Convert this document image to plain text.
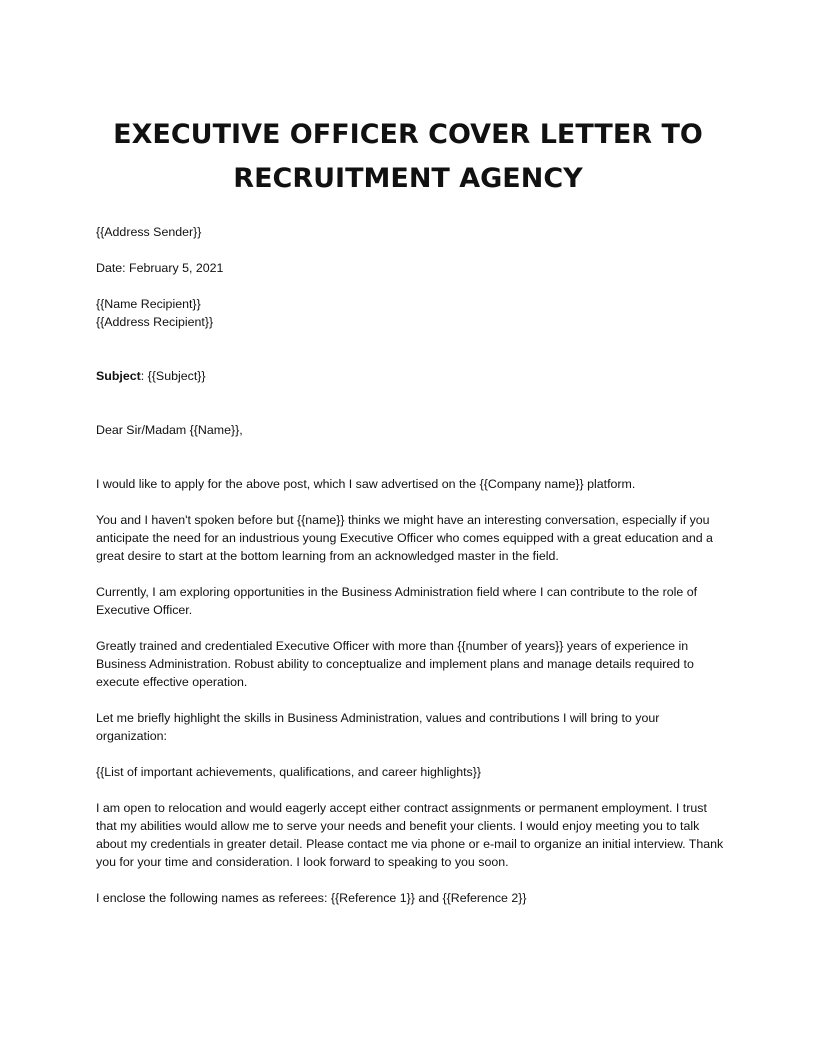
EXECUTIVE OFFICER COVER LETTER TO RECRUITMENT AGENCY

{{Address Sender}}

Date: February 5, 2021

{{Name Recipient}}

{{Address Recipient}}

Subject: {{Subject}}

Dear Sir/Madam {{Name}},

I would like to apply for the above post, which I saw advertised on the {{Company name}} platform.

You and I haven't spoken before but {{name}} thinks we might have an interesting conversation, especially if you anticipate the need for an industrious young Executive Officer who comes equipped with a great education and a great desire to start at the bottom learning from an acknowledged master in the field.

Currently, I am exploring opportunities in the Business Administration field where I can contribute to the role of Executive Officer.

Greatly trained and credentialed Executive Officer with more than {{number of years}} years of experience in Business Administration. Robust ability to conceptualize and implement plans and manage details required to execute effective operation.

Let me briefly highlight the skills in Business Administration, values and contributions I will bring to your organization:

{{List of important achievements, qualifications, and career highlights}}

I am open to relocation and would eagerly accept either contract assignments or permanent employment. I trust that my abilities would allow me to serve your needs and benefit your clients. I would enjoy meeting you to talk about my credentials in greater detail. Please contact me via phone or e-mail to organize an initial interview. Thank you for your time and consideration. I look forward to speaking to you soon.

I enclose the following names as referees: {{Reference 1}} and {{Reference 2}}
